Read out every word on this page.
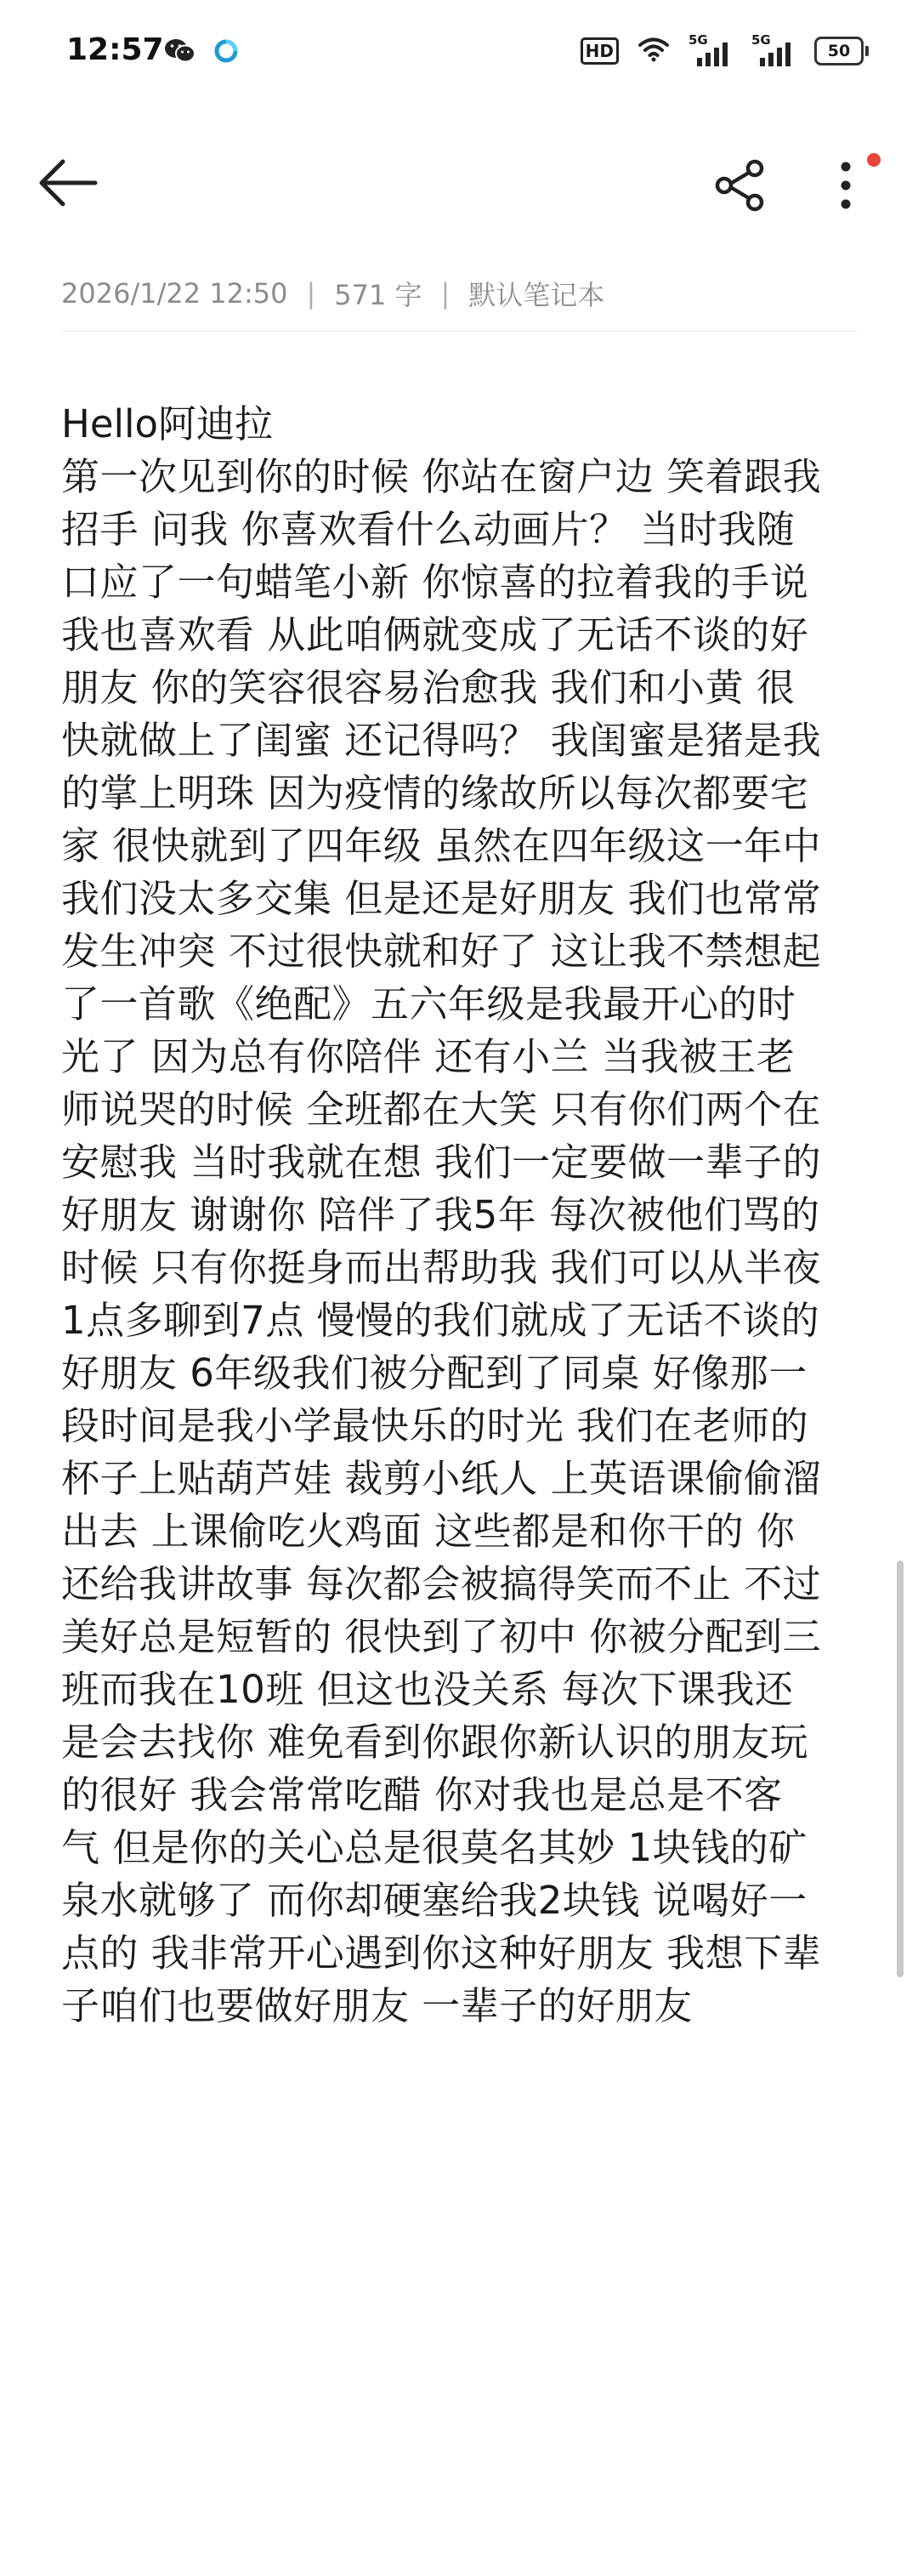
12:57	HD
5G	5G
50
2026/1/22 12:50 | 571 字 | 默认笔记本
Hello阿迪拉
第一次见到你的时候 你站在窗户边 笑着跟我
招手 问我 你喜欢看什么动画片？ 当时我随
口应了一句蜡笔小新 你惊喜的拉着我的手说
我也喜欢看 从此咱俩就变成了无话不谈的好
朋友 你的笑容很容易治愈我 我们和小黄 很
快就做上了闺蜜 还记得吗？ 我闺蜜是猪是我
的掌上明珠 因为疫情的缘故所以每次都要宅
家 很快就到了四年级 虽然在四年级这一年中
我们没太多交集 但是还是好朋友 我们也常常
发生冲突 不过很快就和好了 这让我不禁想起
了一首歌《绝配》五六年级是我最开心的时
光了 因为总有你陪伴 还有小兰 当我被王老
师说哭的时候 全班都在大笑 只有你们两个在
安慰我 当时我就在想 我们一定要做一辈子的
好朋友 谢谢你 陪伴了我5年 每次被他们骂的
时候 只有你挺身而出帮助我 我们可以从半夜
1点多聊到7点 慢慢的我们就成了无话不谈的
好朋友 6年级我们被分配到了同桌 好像那一
段时间是我小学最快乐的时光 我们在老师的
杯子上贴葫芦娃 裁剪小纸人 上英语课偷偷溜
出去 上课偷吃火鸡面 这些都是和你干的 你
还给我讲故事 每次都会被搞得笑而不止 不过
美好总是短暂的 很快到了初中 你被分配到三
班而我在10班 但这也没关系 每次下课我还
是会去找你 难免看到你跟你新认识的朋友玩
的很好 我会常常吃醋 你对我也是总是不客
气 但是你的关心总是很莫名其妙 1块钱的矿
泉水就够了 而你却硬塞给我2块钱 说喝好一
点的 我非常开心遇到你这种好朋友 我想下辈
子咱们也要做好朋友 一辈子的好朋友
